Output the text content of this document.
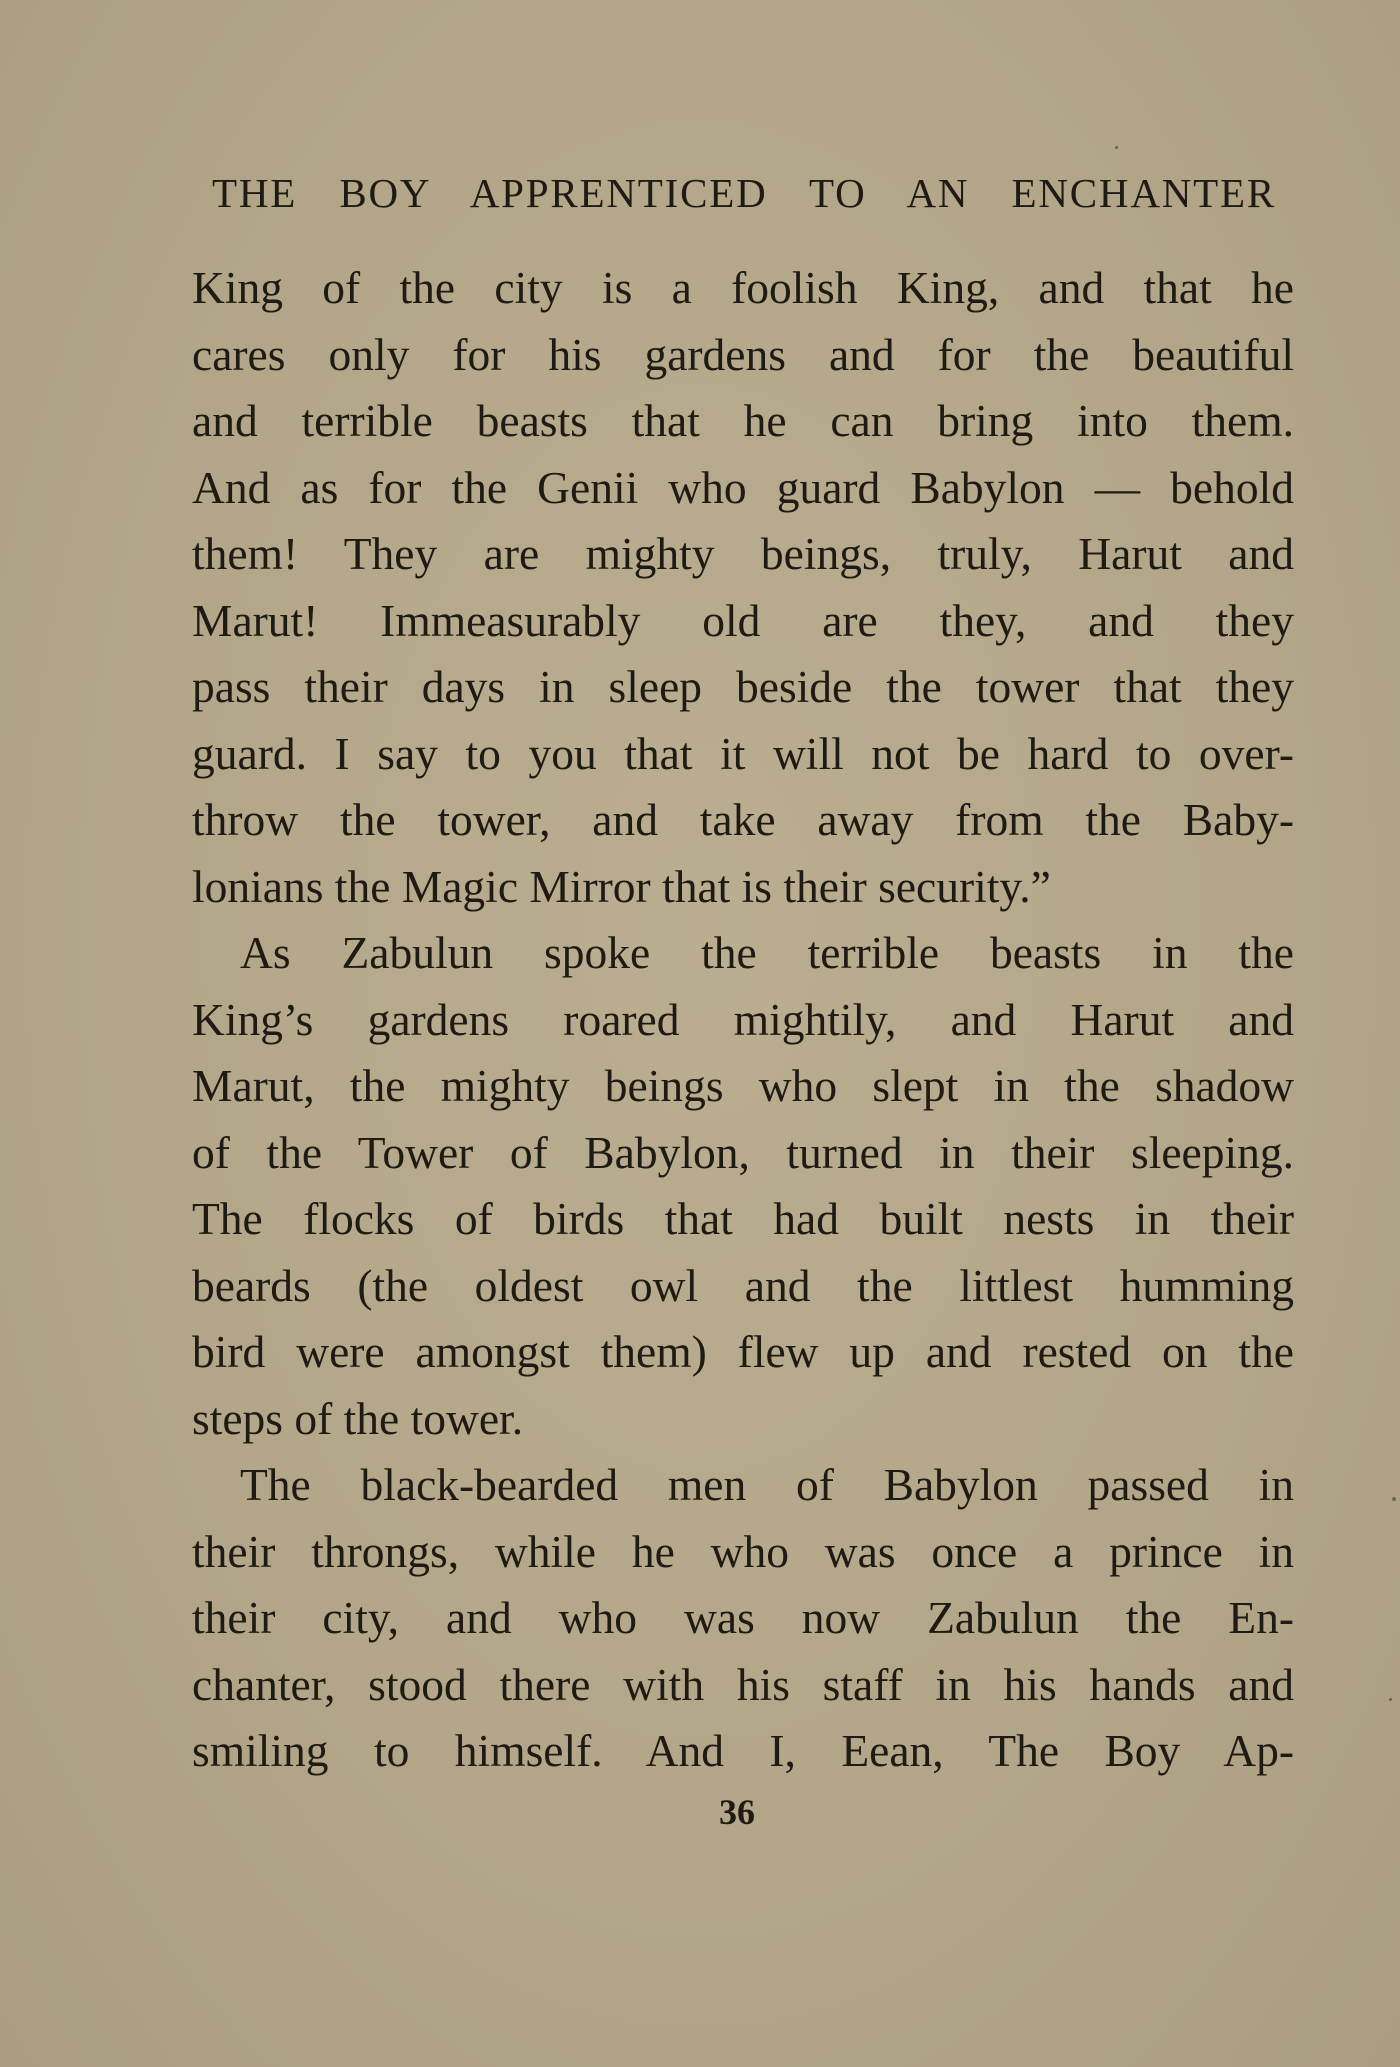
THE BOY APPRENTICED TO AN ENCHANTER
King of the city is a foolish King, and that he
cares only for his gardens and for the beautiful
and terrible beasts that he can bring into them.
And as for the Genii who guard Babylon — behold
them! They are mighty beings, truly, Harut and
Marut! Immeasurably old are they, and they
pass their days in sleep beside the tower that they
guard. I say to you that it will not be hard to over-
throw the tower, and take away from the Baby-
lonians the Magic Mirror that is their security.”
As Zabulun spoke the terrible beasts in the
King’s gardens roared mightily, and Harut and
Marut, the mighty beings who slept in the shadow
of the Tower of Babylon, turned in their sleeping.
The flocks of birds that had built nests in their
beards (the oldest owl and the littlest humming
bird were amongst them) flew up and rested on the
steps of the tower.
The black-bearded men of Babylon passed in
their throngs, while he who was once a prince in
their city, and who was now Zabulun the En-
chanter, stood there with his staff in his hands and
smiling to himself. And I, Eean, The Boy Ap-
36
